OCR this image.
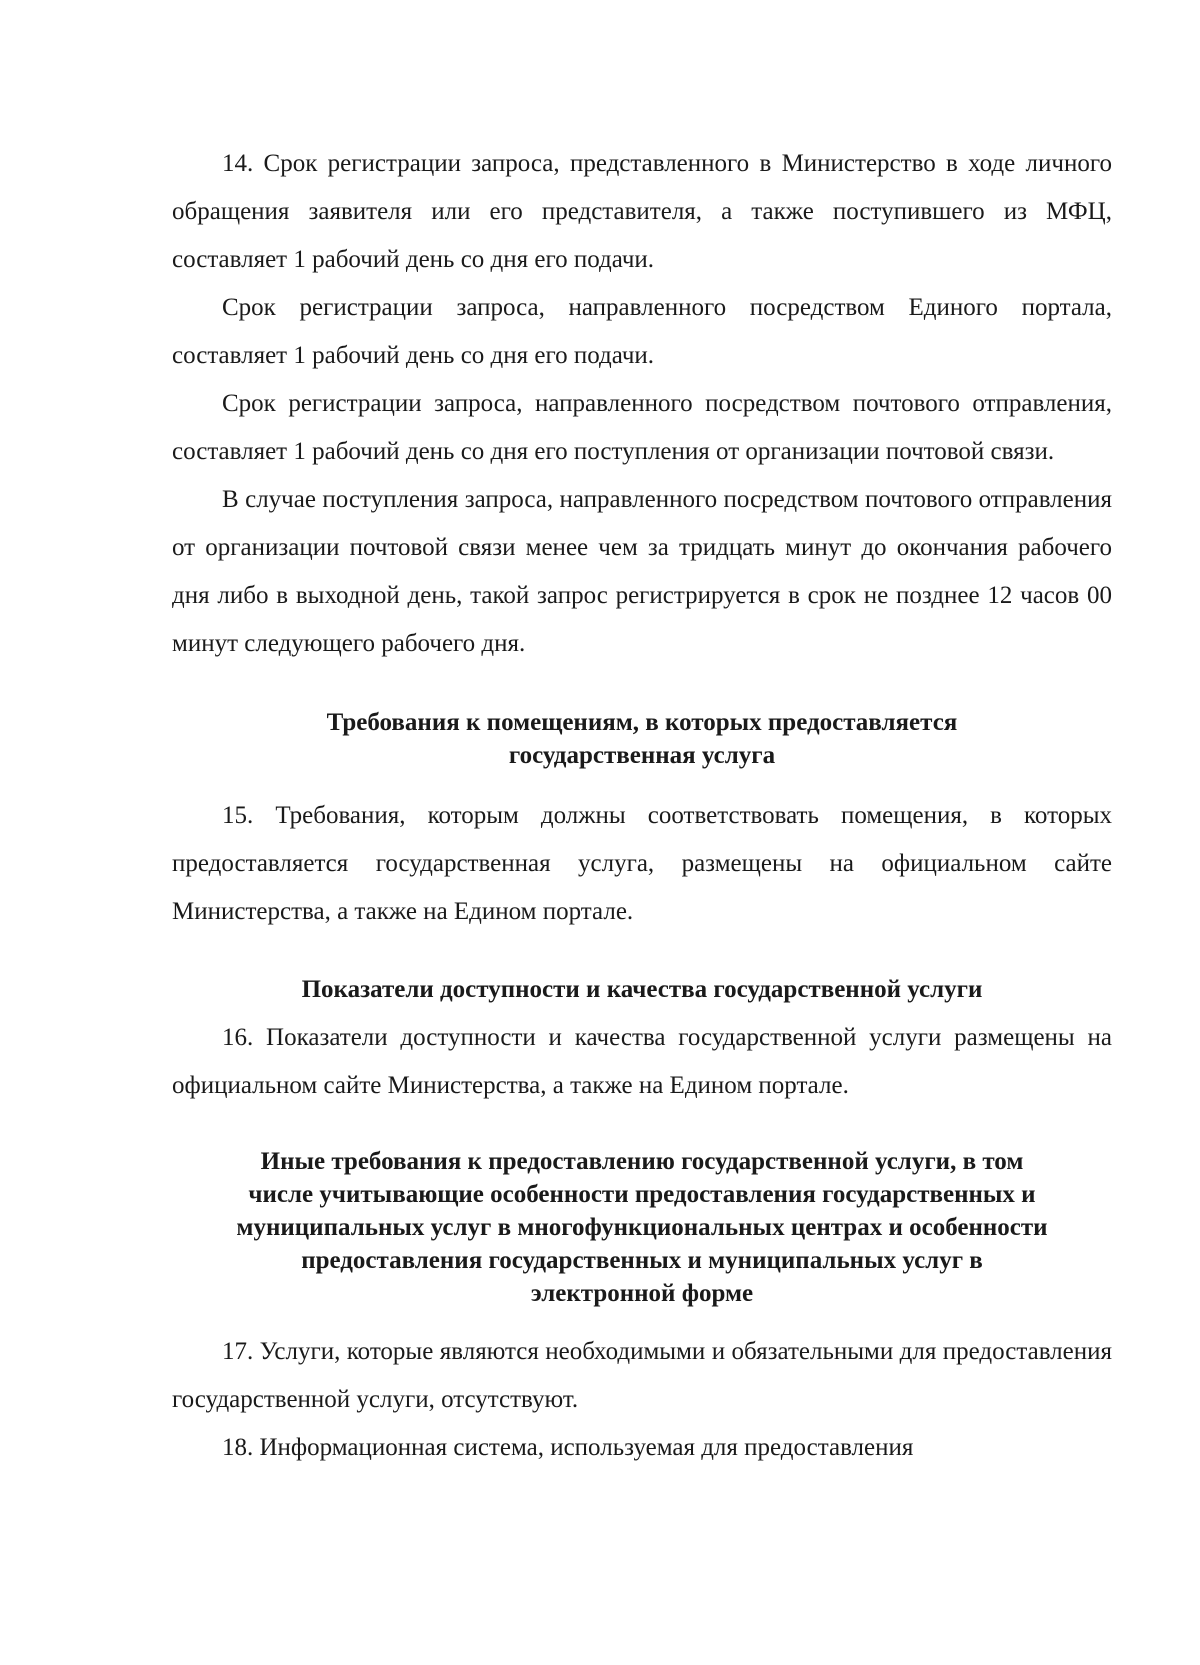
14. Срок регистрации запроса, представленного в Министерство в ходе личного обращения заявителя или его представителя, а также поступившего из МФЦ, составляет 1 рабочий день со дня его подачи.

Срок регистрации запроса, направленного посредством Единого портала, составляет 1 рабочий день со дня его подачи.

Срок регистрации запроса, направленного посредством почтового отправления, составляет 1 рабочий день со дня его поступления от организации почтовой связи.

В случае поступления запроса, направленного посредством почтового отправления от организации почтовой связи менее чем за тридцать минут до окончания рабочего дня либо в выходной день, такой запрос регистрируется в срок не позднее 12 часов 00 минут следующего рабочего дня.

Требования к помещениям, в которых предоставляется
государственная услуга

15. Требования, которым должны соответствовать помещения, в которых предоставляется государственная услуга, размещены на официальном сайте Министерства, а также на Едином портале.

Показатели доступности и качества государственной услуги

16. Показатели доступности и качества государственной услуги размещены на официальном сайте Министерства, а также на Едином портале.

Иные требования к предоставлению государственной услуги, в том
числе учитывающие особенности предоставления государственных и
муниципальных услуг в многофункциональных центрах и особенности
предоставления государственных и муниципальных услуг в
электронной форме

17. Услуги, которые являются необходимыми и обязательными для предоставления государственной услуги, отсутствуют.

18. Информационная система, используемая для предоставления
